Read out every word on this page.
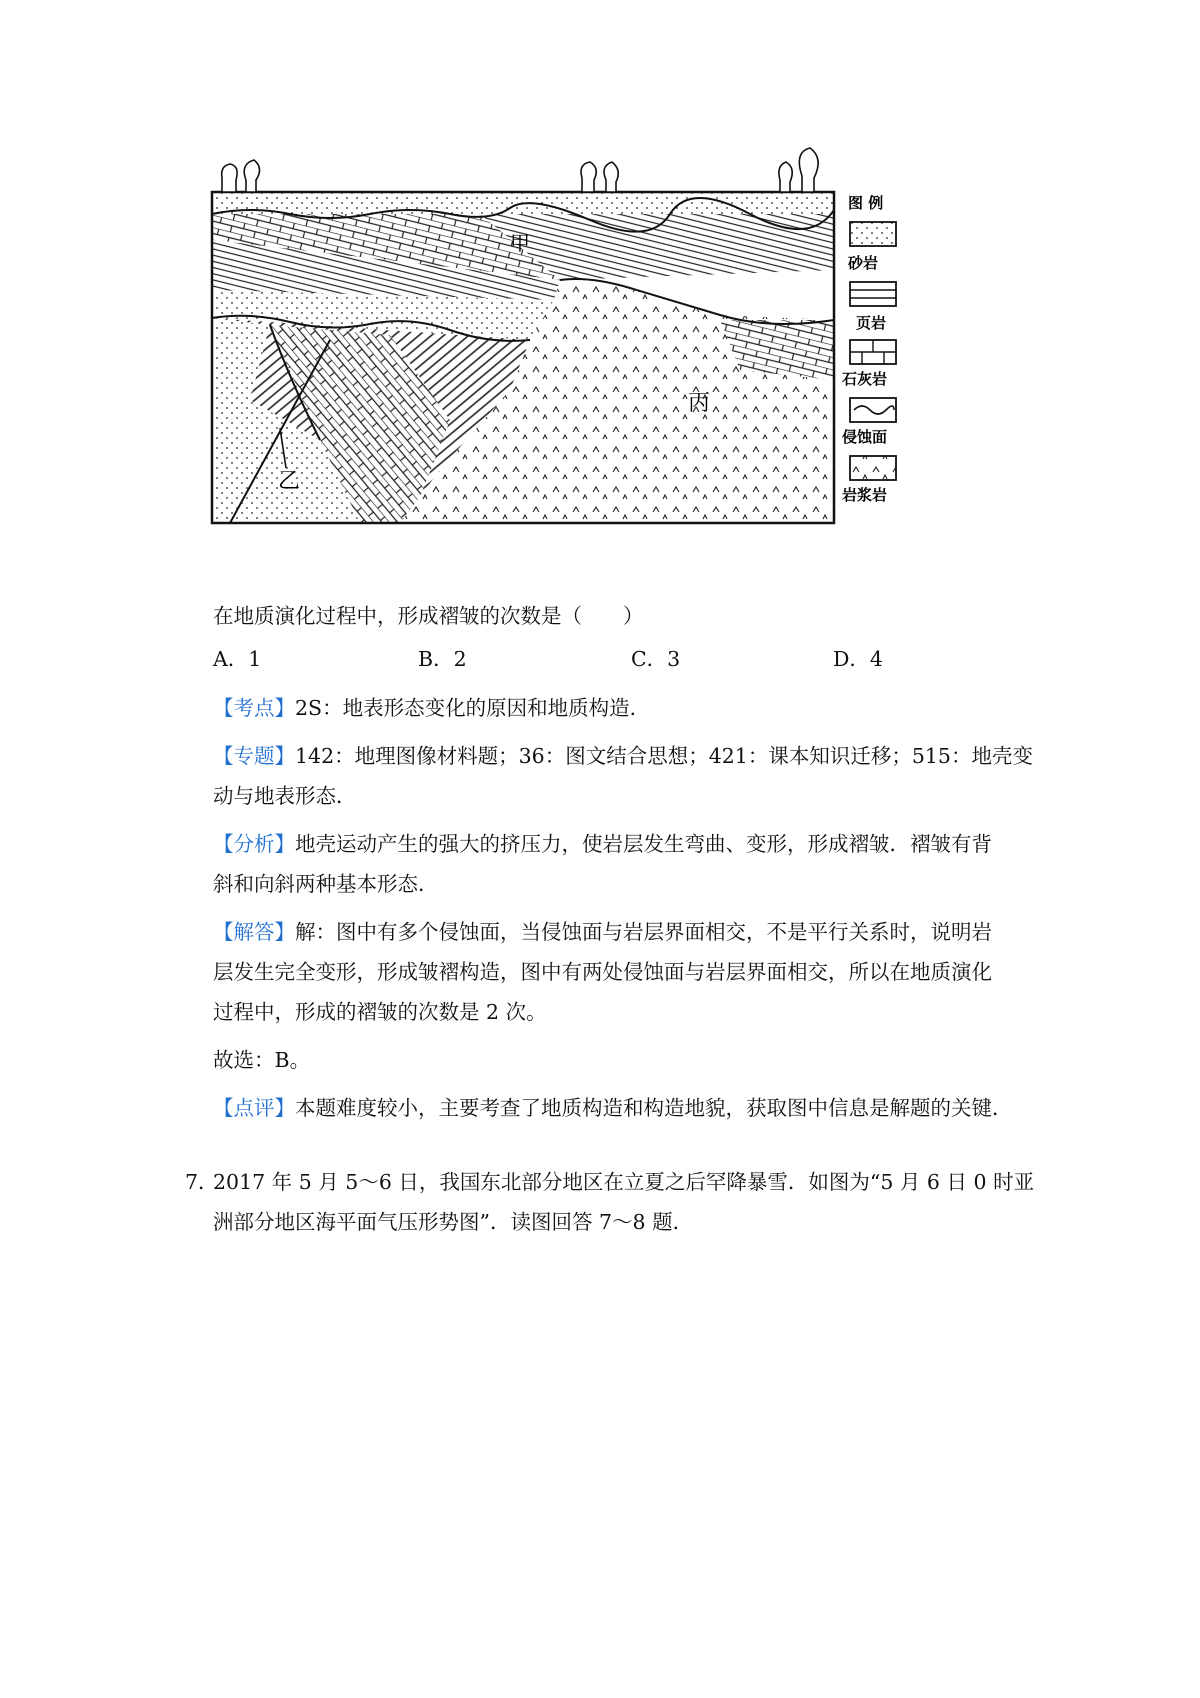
甲
丙
乙
图 例
砂岩
页岩
石灰岩
侵蚀面
岩浆岩
在地质演化过程中，形成褶皱的次数是（　　）
A．1	B．2	C．3	D．4
【考点】2S：地表形态变化的原因和地质构造．
【专题】142：地理图像材料题；36：图文结合思想；421：课本知识迁移；515：地壳变
动与地表形态．
【分析】地壳运动产生的强大的挤压力，使岩层发生弯曲、变形，形成褶皱．褶皱有背
斜和向斜两种基本形态．
【解答】解：图中有多个侵蚀面，当侵蚀面与岩层界面相交，不是平行关系时，说明岩
层发生完全变形，形成皱褶构造，图中有两处侵蚀面与岩层界面相交，所以在地质演化
过程中，形成的褶皱的次数是 2 次。
故选：B。
【点评】本题难度较小，主要考查了地质构造和构造地貌，获取图中信息是解题的关键．
7．2017 年 5 月 5～6 日，我国东北部分地区在立夏之后罕降暴雪．如图为“5 月 6 日 0 时亚
洲部分地区海平面气压形势图”．读图回答 7～8 题．
